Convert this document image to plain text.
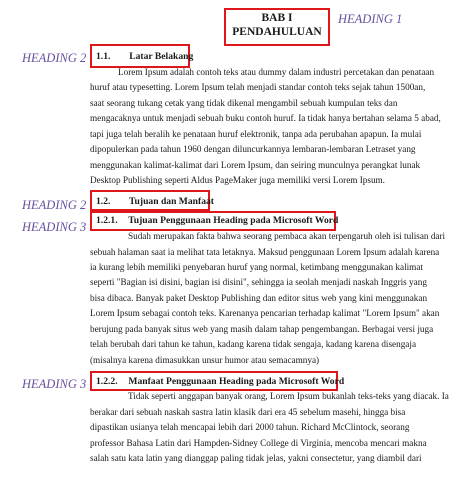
HEADING 1
HEADING 2
HEADING 2
HEADING 3
HEADING 3
BAB I
PENDAHULUAN
1.1. Latar Belakang
Lorem Ipsum adalah contoh teks atau dummy dalam industri percetakan dan penataan
huruf atau typesetting. Lorem Ipsum telah menjadi standar contoh teks sejak tahun 1500an,
saat seorang tukang cetak yang tidak dikenal mengambil sebuah kumpulan teks dan
mengacaknya untuk menjadi sebuah buku contoh huruf. Ia tidak hanya bertahan selama 5 abad,
tapi juga telah beralih ke penataan huruf elektronik, tanpa ada perubahan apapun. Ia mulai
dipopulerkan pada tahun 1960 dengan diluncurkannya lembaran-lembaran Letraset yang
menggunakan kalimat-kalimat dari Lorem Ipsum, dan seiring munculnya perangkat lunak
Desktop Publishing seperti Aldus PageMaker juga memiliki versi Lorem Ipsum.
1.2. Tujuan dan Manfaat
1.2.1. Tujuan Penggunaan Heading pada Microsoft Word
Sudah merupakan fakta bahwa seorang pembaca akan terpengaruh oleh isi tulisan dari
sebuah halaman saat ia melihat tata letaknya. Maksud penggunaan Lorem Ipsum adalah karena
ia kurang lebih memiliki penyebaran huruf yang normal, ketimbang menggunakan kalimat
seperti "Bagian isi disini, bagian isi disini", sehingga ia seolah menjadi naskah Inggris yang
bisa dibaca. Banyak paket Desktop Publishing dan editor situs web yang kini menggunakan
Lorem Ipsum sebagai contoh teks. Karenanya pencarian terhadap kalimat "Lorem Ipsum" akan
berujung pada banyak situs web yang masih dalam tahap pengembangan. Berbagai versi juga
telah berubah dari tahun ke tahun, kadang karena tidak sengaja, kadang karena disengaja
(misalnya karena dimasukkan unsur humor atau semacamnya)
1.2.2. Manfaat Penggunaan Heading pada Microsoft Word
Tidak seperti anggapan banyak orang, Lorem Ipsum bukanlah teks-teks yang diacak. Ia
berakar dari sebuah naskah sastra latin klasik dari era 45 sebelum masehi, hingga bisa
dipastikan usianya telah mencapai lebih dari 2000 tahun. Richard McClintock, seorang
professor Bahasa Latin dari Hampden-Sidney College di Virginia, mencoba mencari makna
salah satu kata latin yang dianggap paling tidak jelas, yakni consectetur, yang diambil dari
